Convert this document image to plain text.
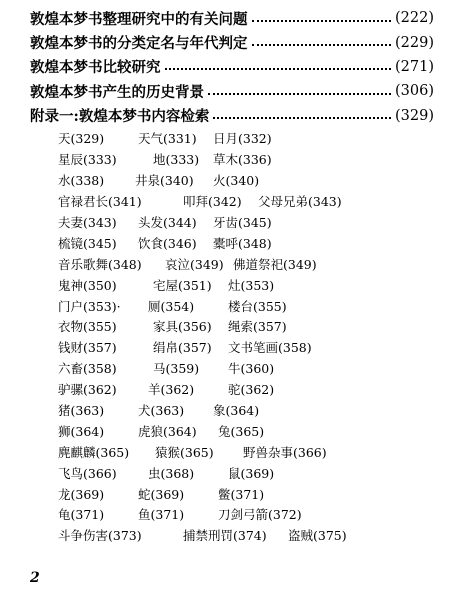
敦煌本梦书整理研究中的有关问题	(222)
敦煌本梦书的分类定名与年代判定	(229)
敦煌本梦书比较研究	(271)
敦煌本梦书产生的历史背景	(306)
附录一:敦煌本梦书内容检索	(329)
天(329)	天气(331) 日月(332)
星辰(333)	地(333) 草木(336)
水(338) 井泉(340) 火(340)
官禄君长(341)	叩拜(342) 父母兄弟(343)
夫妻(343) 头发(344) 牙齿(345)
梳镜(345) 饮食(346) 橐呼(348)
音乐歌舞(348) 哀泣(349) 佛道祭祀(349)
鬼神(350)	宅屋(351) 灶(353)
门户(353)· 厕(354)	楼台(355)
衣物(355)	家具(356) 绳索(357)
钱财(357)	绢帛(357) 文书笔画(358)
六畜(358)	马(359) 牛(360)
驴骡(362)	羊(362)	驼(362)
猪(363)	犬(363) 象(364)
狮(364)	虎狼(364) 兔(365)
麂麒麟(365) 猿猴(365) 野兽杂事(366)
飞鸟(366)	虫(368)	鼠(369)
龙(369)	蛇(369)	鳖(371)
龟(371)	鱼(371)	刀剑弓箭(372)
斗争伤害(373)	捕禁刑罚(374) 盗贼(375)
2
